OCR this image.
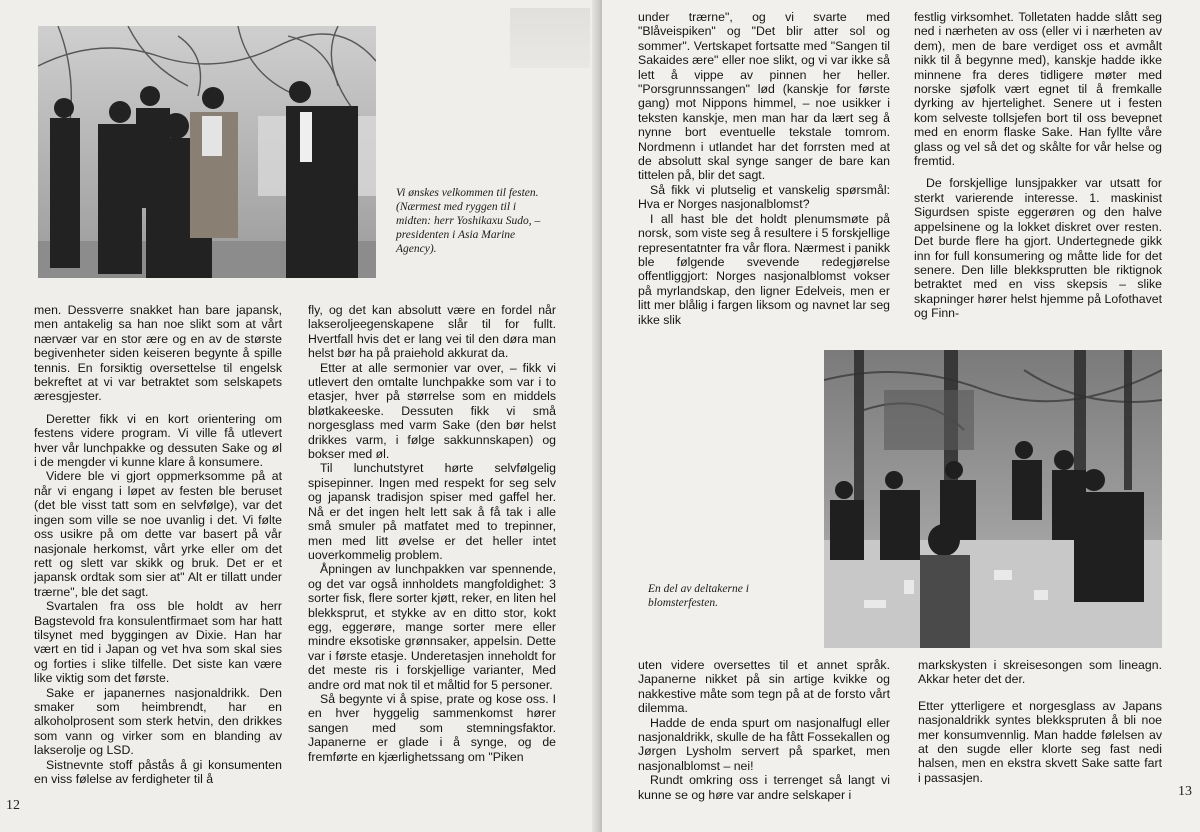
Vi ønskes velkommen til festen. (Nærmest med ryggen til i midten: herr Yoshikaxu Sudo, – presidenten i Asia Marine Agency).

men. Dessverre snakket han bare japansk, men antakelig sa han noe slikt som at vårt nærvær var en stor ære og en av de største begivenheter siden keiseren begynte å spille tennis. En forsiktig oversettelse til engelsk bekreftet at vi var betraktet som selskapets æresgjester.

Deretter fikk vi en kort orientering om festens videre program. Vi ville få utlevert hver vår lunchpakke og dessuten Sake og øl i de mengder vi kunne klare å konsumere.

Videre ble vi gjort oppmerksomme på at når vi engang i løpet av festen ble beruset (det ble visst tatt som en selvfølge), var det ingen som ville se noe uvanlig i det. Vi følte oss usikre på om dette var basert på vår nasjonale herkomst, vårt yrke eller om det rett og slett var skikk og bruk. Det er et japansk ordtak som sier at" Alt er tillatt under trærne", ble det sagt.

Svartalen fra oss ble holdt av herr Bagstevold fra konsulentfirmaet som har hatt tilsynet med byggingen av Dixie. Han har vært en tid i Japan og vet hva som skal sies og forties i slike tilfelle. Det siste kan være like viktig som det første.

Sake er japanernes nasjonaldrikk. Den smaker som heimbrendt, har en alkoholprosent som sterk hetvin, den drikkes som vann og virker som en blanding av lakserolje og LSD.

Sistnevnte stoff påstås å gi konsumenten en viss følelse av ferdigheter til å

fly, og det kan absolutt være en fordel når lakseroljeegenskapene slår til for fullt. Hvertfall hvis det er lang vei til den døra man helst bør ha på praiehold akkurat da.

Etter at alle sermonier var over, – fikk vi utlevert den omtalte lunchpakke som var i to etasjer, hver på størrelse som en middels bløtkakeeske. Dessuten fikk vi små norgesglass med varm Sake (den bør helst drikkes varm, i følge sakkunnskapen) og bokser med øl.

Til lunchutstyret hørte selvfølgelig spisepinner. Ingen med respekt for seg selv og japansk tradisjon spiser med gaffel her. Nå er det ingen helt lett sak å få tak i alle små smuler på matfatet med to trepinner, men med litt øvelse er det heller intet uoverkommelig problem.

Åpningen av lunchpakken var spennende, og det var også innholdets mangfoldighet: 3 sorter fisk, flere sorter kjøtt, reker, en liten hel blekksprut, et stykke av en ditto stor, kokt egg, eggerøre, mange sorter mere eller mindre eksotiske grønnsaker, appelsin. Dette var i første etasje. Underetasjen inneholdt for det meste ris i forskjellige varianter, Med andre ord mat nok til et måltid for 5 personer.

Så begynte vi å spise, prate og kose oss. I en hver hyggelig sammenkomst hører sangen med som stemningsfaktor. Japanerne er glade i å synge, og de fremførte en kjærlighetssang om "Piken

12

under trærne", og vi svarte med "Blåveispiken" og "Det blir atter sol og sommer". Vertskapet fortsatte med "Sangen til Sakaides ære" eller noe slikt, og vi var ikke så lett å vippe av pinnen her heller. "Porsgrunnssangen" lød (kanskje for første gang) mot Nippons himmel, – noe usikker i teksten kanskje, men man har da lært seg å nynne bort eventuelle tekstale tomrom. Nordmenn i utlandet har det forrsten med at de absolutt skal synge sanger de bare kan tittelen på, blir det sagt.

Så fikk vi plutselig et vanskelig spørsmål: Hva er Norges nasjonalblomst?

I all hast ble det holdt plenumsmøte på norsk, som viste seg å resultere i 5 forskjellige representatnter fra vår flora. Nærmest i panikk ble følgende svevende redegjørelse offentliggjort: Norges nasjonalblomst vokser på myrlandskap, den ligner Edelveis, men er litt mer blålig i fargen liksom og navnet lar seg ikke slik

festlig virksomhet. Tolletaten hadde slått seg ned i nærheten av oss (eller vi i nærheten av dem), men de bare verdiget oss et avmålt nikk til å begynne med), kanskje hadde ikke minnene fra deres tidligere møter med norske sjøfolk vært egnet til å fremkalle dyrking av hjertelighet. Senere ut i festen kom selveste tollsjefen bort til oss bevepnet med en enorm flaske Sake. Han fyllte våre glass og vel så det og skålte for vår helse og fremtid.

De forskjellige lunsjpakker var utsatt for sterkt varierende interesse. 1. maskinist Sigurdsen spiste eggerøren og den halve appelsinene og la lokket diskret over resten. Det burde flere ha gjort. Undertegnede gikk inn for full konsumering og måtte lide for det senere. Den lille blekksprutten ble riktignok betraktet med en viss skepsis – slike skapninger hører helst hjemme på Lofothavet og Finn-

En del av deltakerne i blomsterfesten.

uten videre oversettes til et annet språk. Japanerne nikket på sin artige kvikke og nakkestive måte som tegn på at de forsto vårt dilemma.

Hadde de enda spurt om nasjonalfugl eller nasjonaldrikk, skulle de ha fått Fossekallen og Jørgen Lysholm servert på sparket, men nasjonalblomst – nei!

Rundt omkring oss i terrenget så langt vi kunne se og høre var andre selskaper i

markskysten i skreisesongen som lineagn. Akkar heter det der.

Etter ytterligere et norgesglass av Japans nasjonaldrikk syntes blekkspruten å bli noe mer konsumvennlig. Man hadde følelsen av at den sugde eller klorte seg fast nedi halsen, men en ekstra skvett Sake satte fart i passasjen.

13
